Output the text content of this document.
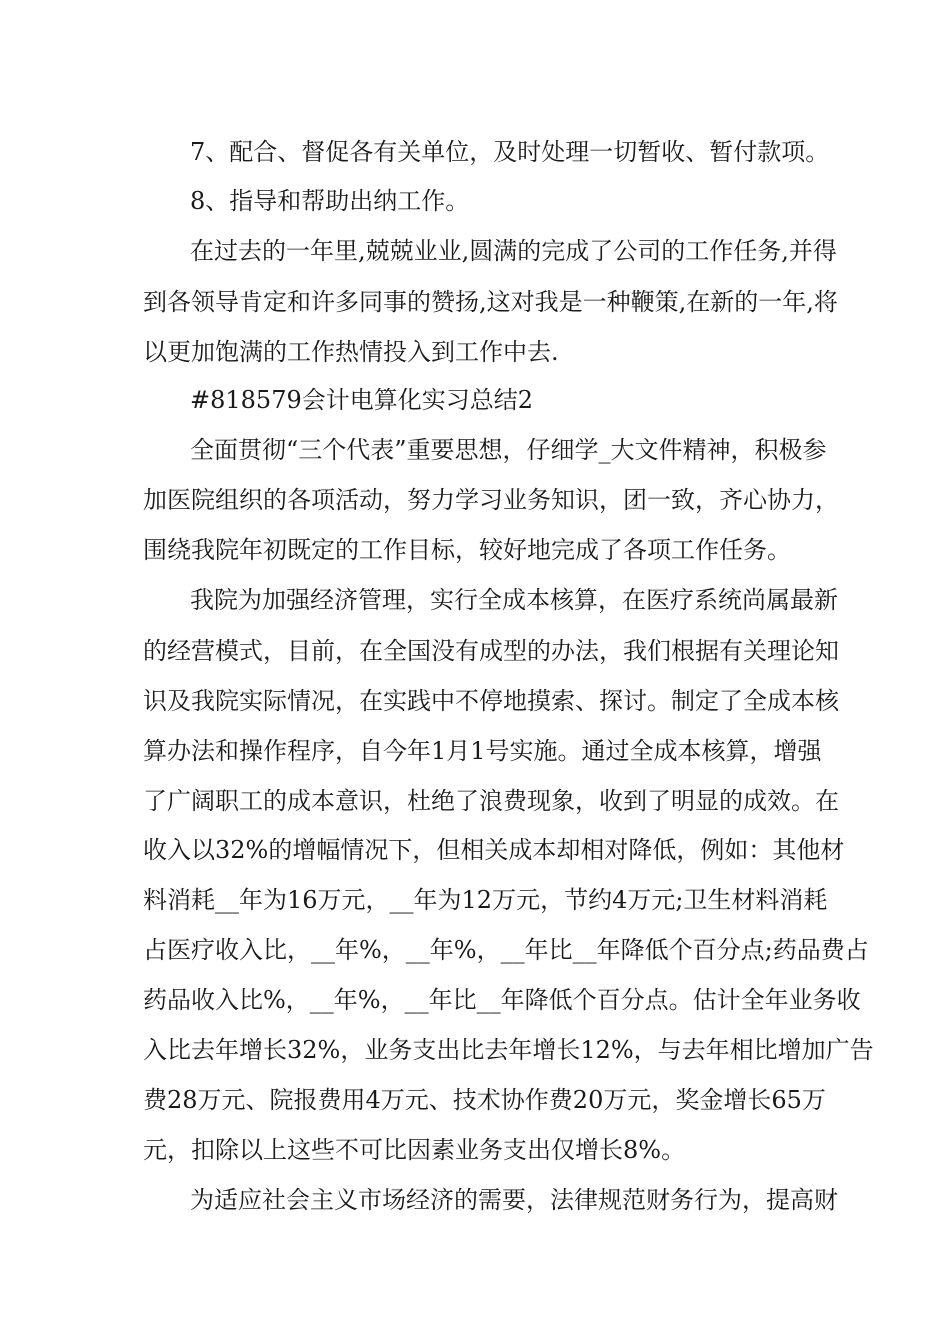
7、配合、督促各有关单位，及时处理一切暂收、暂付款项。
8、指导和帮助出纳工作。
在过去的一年里,兢兢业业,圆满的完成了公司的工作任务,并得
到各领导肯定和许多同事的赞扬,这对我是一种鞭策,在新的一年,将
以更加饱满的工作热情投入到工作中去.
#818579会计电算化实习总结2
全面贯彻“三个代表”重要思想，仔细学_大文件精神，积极参
加医院组织的各项活动，努力学习业务知识，团一致，齐心协力，
围绕我院年初既定的工作目标，较好地完成了各项工作任务。
我院为加强经济管理，实行全成本核算，在医疗系统尚属最新
的经营模式，目前，在全国没有成型的办法，我们根据有关理论知
识及我院实际情况，在实践中不停地摸索、探讨。制定了全成本核
算办法和操作程序，自今年1月1号实施。通过全成本核算，增强
了广阔职工的成本意识，杜绝了浪费现象，收到了明显的成效。在
收入以32%的增幅情况下，但相关成本却相对降低，例如：其他材
料消耗__年为16万元，__年为12万元，节约4万元;卫生材料消耗
占医疗收入比，__年%，__年%，__年比__年降低个百分点;药品费占
药品收入比%，__年%，__年比__年降低个百分点。估计全年业务收
入比去年增长32%，业务支出比去年增长12%，与去年相比增加广告
费28万元、院报费用4万元、技术协作费20万元，奖金增长65万
元，扣除以上这些不可比因素业务支出仅增长8%。
为适应社会主义市场经济的需要，法律规范财务行为，提高财
